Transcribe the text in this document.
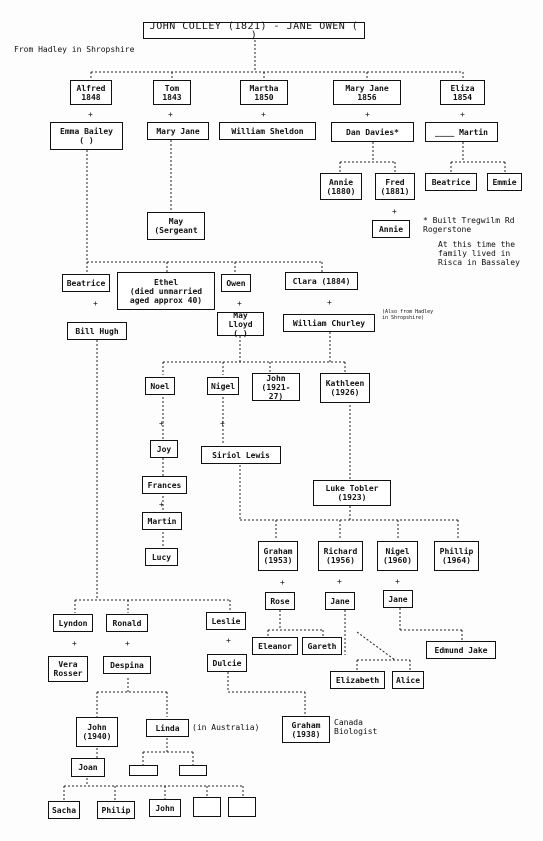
JOHN COLLEY (1821) - JANE OWEN ( )
From Hadley in Shropshire
Alfred
1848
Tom
1843
Martha
1850
Mary Jane
1856
Eliza
1854
+	+	+	+	+
Emma Bailey
( )
Mary Jane	William Sheldon	Dan Davies*	____ Martin
Annie
(1880)
Fred
(1881)
+
Annie
Beatrice	Emmie
* Built Tregwilm Rd
Rogerstone
At this time the
family lived in
Risca in Bassaley
May
(Sergeant
Beatrice	Ethel
(died unmarried
aged approx 40)
Owen	Clara (1884)
+	+	+
Bill Hugh
May Lloyd
( )
William Churley
(Also from Hadley
in Shropshire)
Noel	Nigel
John
(1921-27)
Kathleen
(1926)
+	+
Joy
Siriol Lewis
Frances
+
Martin
Luke Tobler
(1923)
Lucy
Graham
(1953)
Richard
(1956)
Nigel
(1960)
Phillip
(1964)
+	+	+
Rose	Jane	Jane
Eleanor	Gareth	Edmund Jake
Elizabeth	Alice
Lyndon	Ronald	Leslie
+	+	+
Vera
Rosser
Despina	Dulcie
Graham
(1938)
Canada
Biologist
John
(1940)
Linda	(in Australia)
Joan
Sacha	Philip	John
